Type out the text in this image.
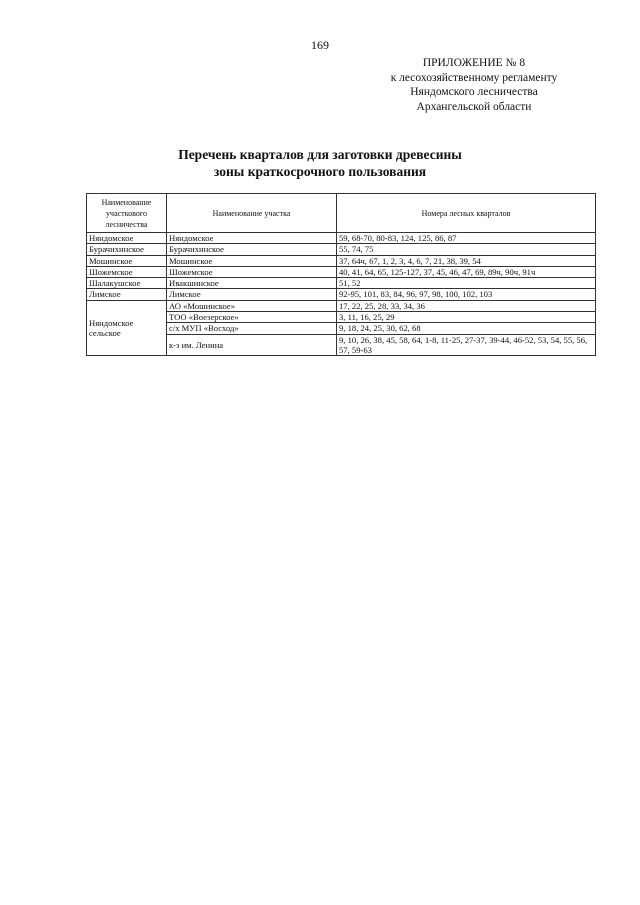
169
ПРИЛОЖЕНИЕ № 8
к лесохозяйственному регламенту
Няндомского лесничества
Архангельской области
Перечень кварталов для заготовки древесины
зоны краткосрочного пользования
Наименование участкового лесничества	Наименование участка	Номера лесных кварталов
Няндомское	Няндомское	59, 68-70, 80-83, 124, 125, 86, 87
Бурачихинское	Бурачихинское	55, 74, 75
Мошинское	Мошинское	37, 64ч, 67, 1, 2, 3, 4, 6, 7, 21, 38, 39, 54
Шожемское	Шожемское	40, 41, 64, 65, 125-127, 37, 45, 46, 47, 69, 89ч, 90ч, 91ч
Шалакушское	Ивакшинское	51, 52
Лимское	Лимское	92-95, 101, 83, 84, 96, 97, 98, 100, 102, 103
Няндомское сельское	АО «Мошинское»	17, 22, 25, 28, 33, 34, 36
	ТОО «Воезерское»	3, 11, 16, 25, 29
	с/х МУП «Восход»	9, 18, 24, 25, 30, 62, 68
	к-з им. Ленина	9, 10, 26, 38, 45, 58, 64, 1-8, 11-25, 27-37, 39-44, 46-52, 53, 54, 55, 56, 57, 59-63
